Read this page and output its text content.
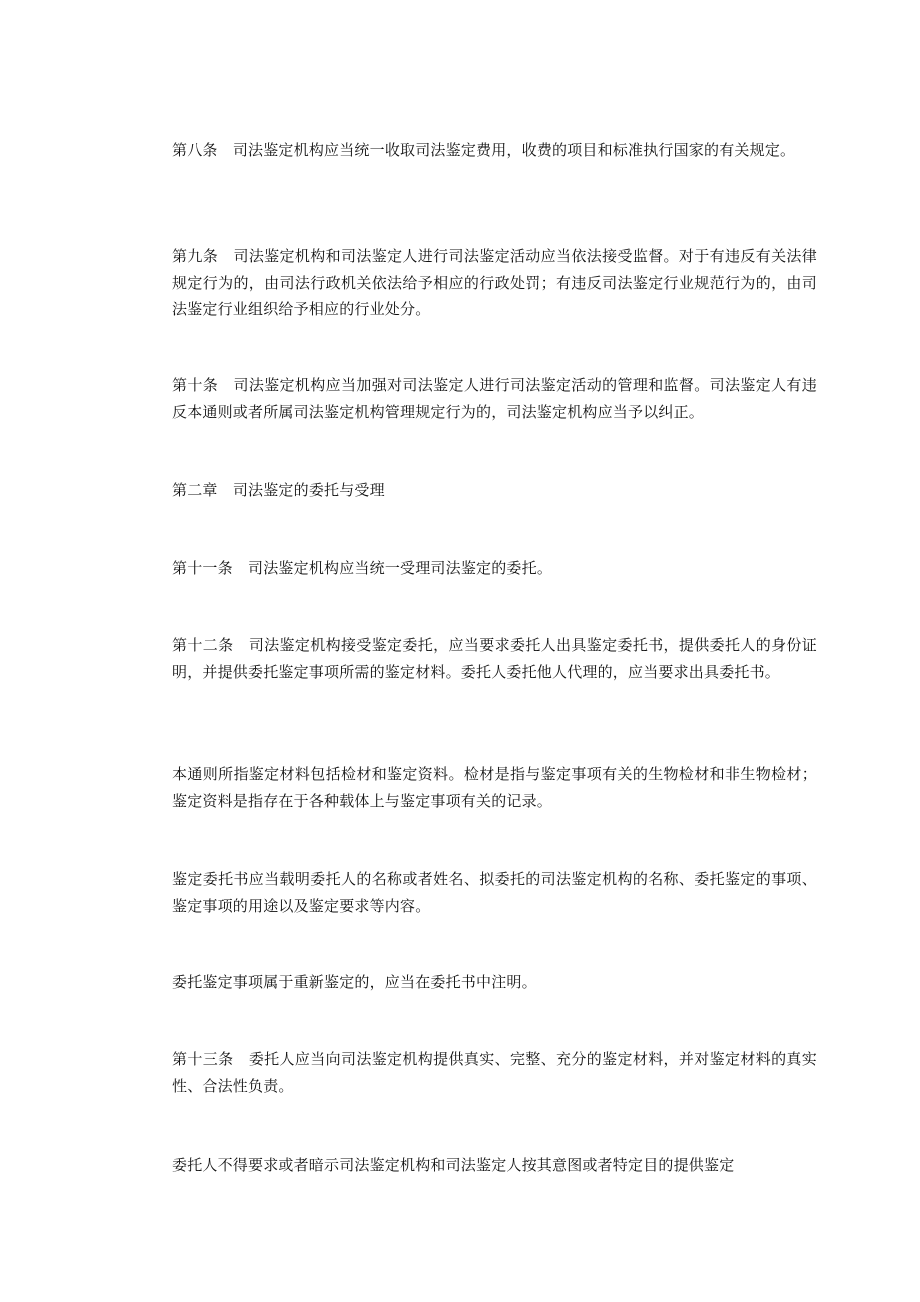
第八条  司法鉴定机构应当统一收取司法鉴定费用，收费的项目和标准执行国家的有关规定。

第九条  司法鉴定机构和司法鉴定人进行司法鉴定活动应当依法接受监督。对于有违反有关法律规定行为的，由司法行政机关依法给予相应的行政处罚；有违反司法鉴定行业规范行为的，由司法鉴定行业组织给予相应的行业处分。

第十条  司法鉴定机构应当加强对司法鉴定人进行司法鉴定活动的管理和监督。司法鉴定人有违反本通则或者所属司法鉴定机构管理规定行为的，司法鉴定机构应当予以纠正。

第二章  司法鉴定的委托与受理

第十一条  司法鉴定机构应当统一受理司法鉴定的委托。

第十二条  司法鉴定机构接受鉴定委托，应当要求委托人出具鉴定委托书，提供委托人的身份证明，并提供委托鉴定事项所需的鉴定材料。委托人委托他人代理的，应当要求出具委托书。

本通则所指鉴定材料包括检材和鉴定资料。检材是指与鉴定事项有关的生物检材和非生物检材；鉴定资料是指存在于各种载体上与鉴定事项有关的记录。

鉴定委托书应当载明委托人的名称或者姓名、拟委托的司法鉴定机构的名称、委托鉴定的事项、鉴定事项的用途以及鉴定要求等内容。

委托鉴定事项属于重新鉴定的，应当在委托书中注明。

第十三条  委托人应当向司法鉴定机构提供真实、完整、充分的鉴定材料，并对鉴定材料的真实性、合法性负责。

委托人不得要求或者暗示司法鉴定机构和司法鉴定人按其意图或者特定目的提供鉴定
